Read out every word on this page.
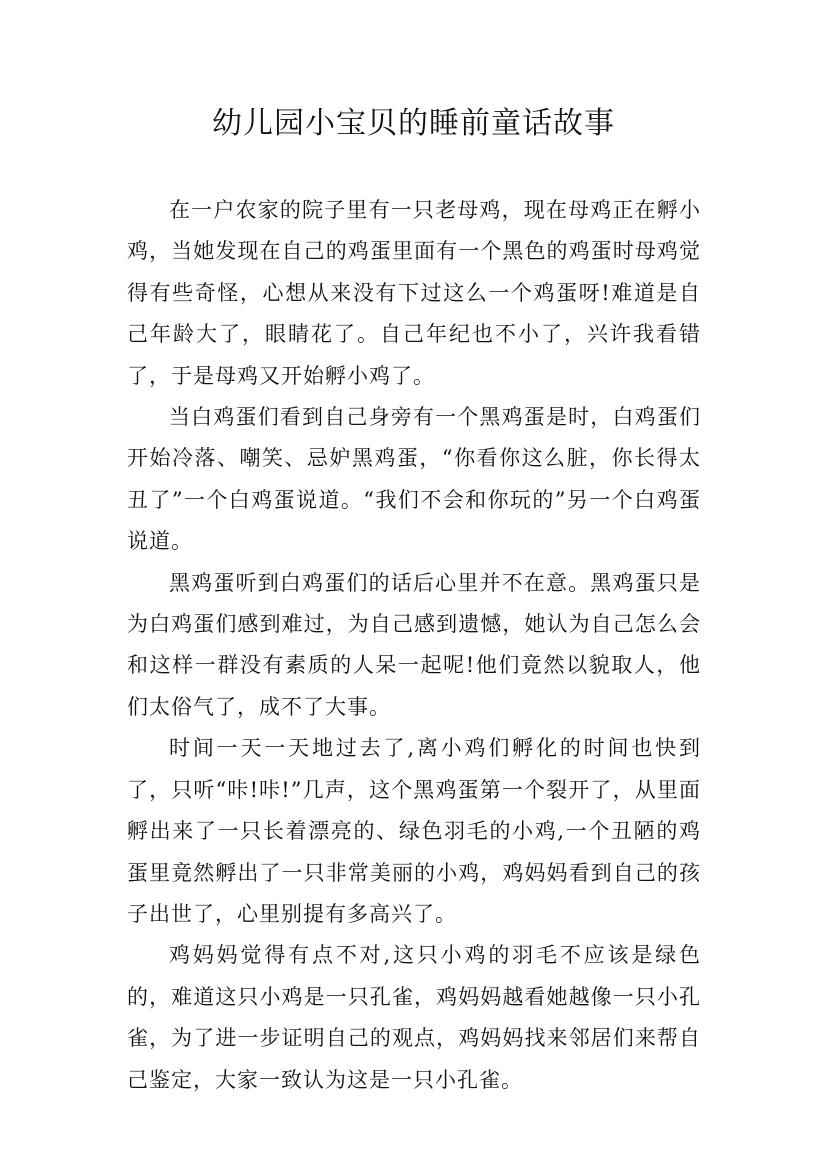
幼儿园小宝贝的睡前童话故事

在一户农家的院子里有一只老母鸡，现在母鸡正在孵小鸡，当她发现在自己的鸡蛋里面有一个黑色的鸡蛋时母鸡觉得有些奇怪，心想从来没有下过这么一个鸡蛋呀!难道是自己年龄大了，眼睛花了。自己年纪也不小了，兴许我看错了，于是母鸡又开始孵小鸡了。

当白鸡蛋们看到自己身旁有一个黑鸡蛋是时，白鸡蛋们开始冷落、嘲笑、忌妒黑鸡蛋，“你看你这么脏，你长得太丑了”一个白鸡蛋说道。“我们不会和你玩的”另一个白鸡蛋说道。

黑鸡蛋听到白鸡蛋们的话后心里并不在意。黑鸡蛋只是为白鸡蛋们感到难过，为自己感到遗憾，她认为自己怎么会和这样一群没有素质的人呆一起呢!他们竟然以貌取人，他们太俗气了，成不了大事。

时间一天一天地过去了,离小鸡们孵化的时间也快到了，只听“咔!咔!”几声，这个黑鸡蛋第一个裂开了，从里面孵出来了一只长着漂亮的、绿色羽毛的小鸡,一个丑陋的鸡蛋里竟然孵出了一只非常美丽的小鸡，鸡妈妈看到自己的孩子出世了，心里别提有多高兴了。

鸡妈妈觉得有点不对,这只小鸡的羽毛不应该是绿色的，难道这只小鸡是一只孔雀，鸡妈妈越看她越像一只小孔雀，为了进一步证明自己的观点，鸡妈妈找来邻居们来帮自己鉴定，大家一致认为这是一只小孔雀。
